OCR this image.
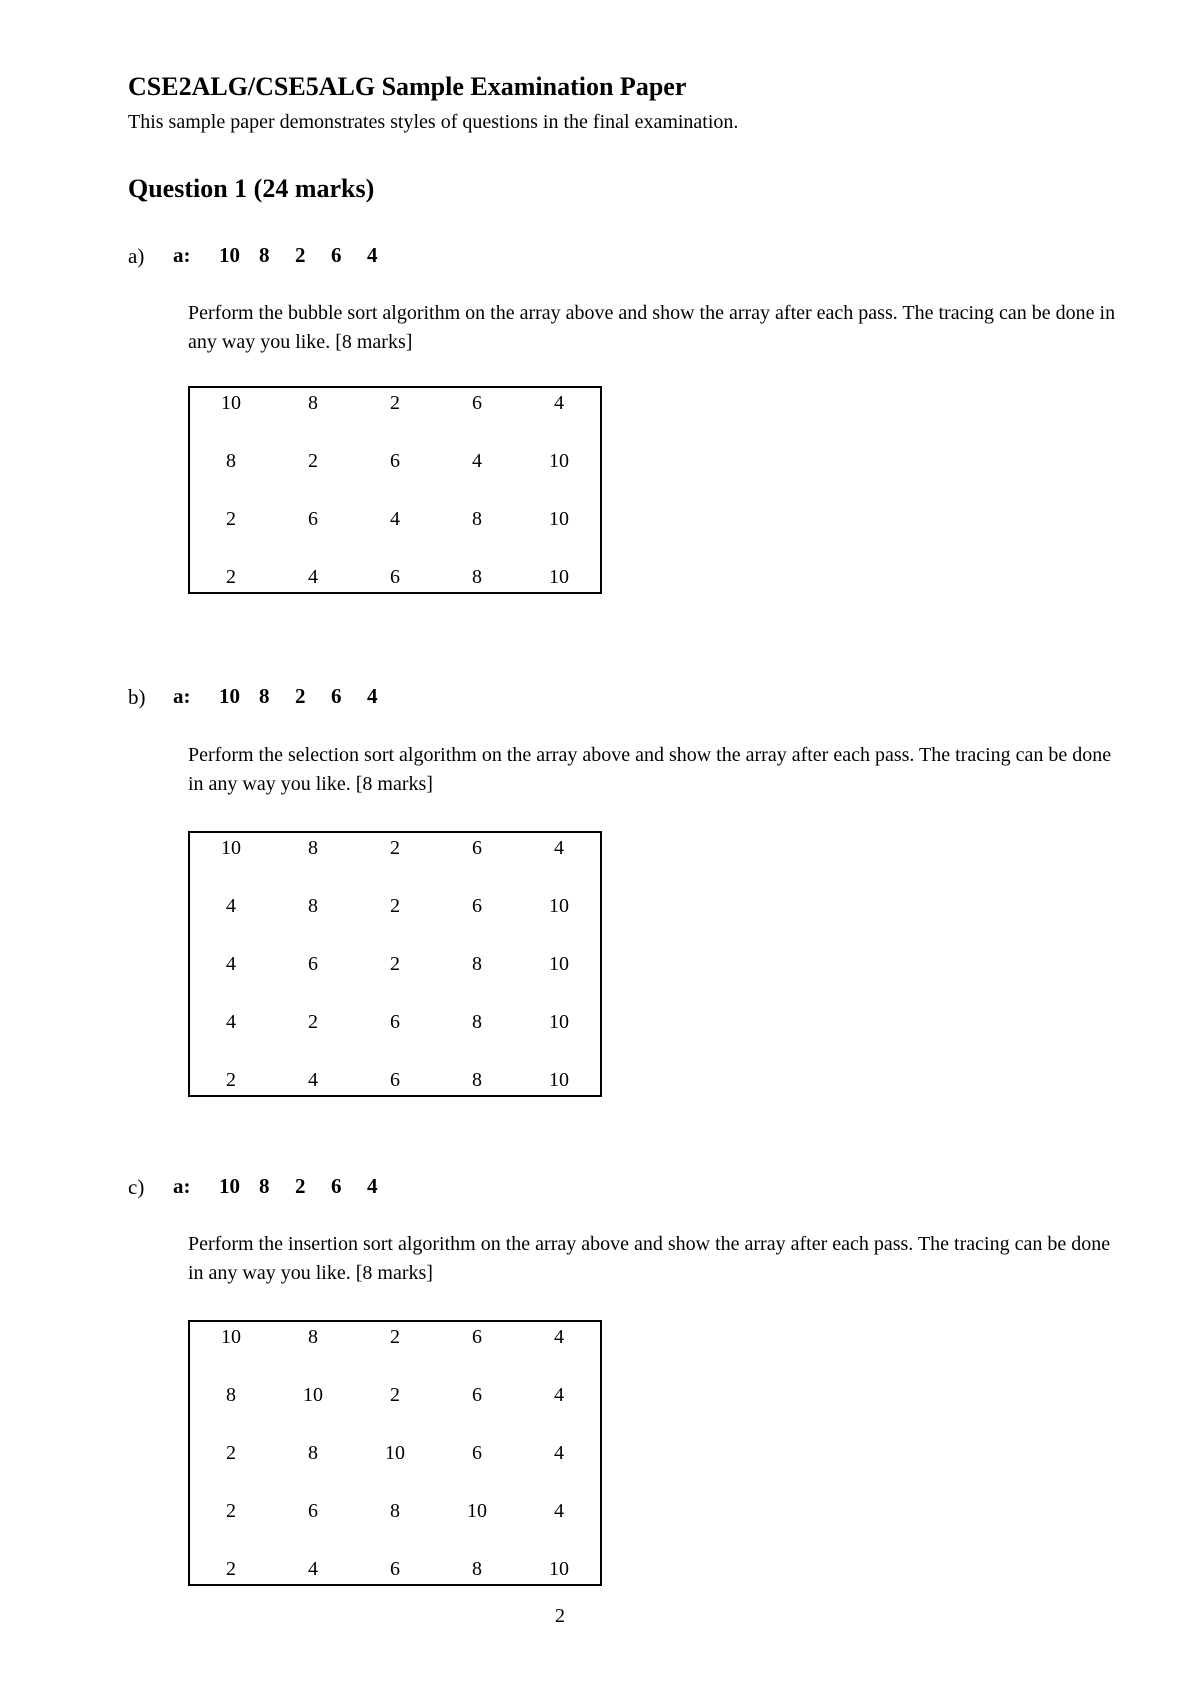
CSE2ALG/CSE5ALG Sample Examination Paper
This sample paper demonstrates styles of questions in the final examination.
Question 1 (24 marks)
a) a: 10 8 2 6 4
Perform the bubble sort algorithm on the array above and show the array after each pass. The tracing can be done in any way you like. [8 marks]
10	8	2	6	4
8	2	6	4	10
2	6	4	8	10
2	4	6	8	10
b) a: 10 8 2 6 4
Perform the selection sort algorithm on the array above and show the array after each pass. The tracing can be done in any way you like. [8 marks]
10	8	2	6	4
4	8	2	6	10
4	6	2	8	10
4	2	6	8	10
2	4	6	8	10
c) a: 10 8 2 6 4
Perform the insertion sort algorithm on the array above and show the array after each pass. The tracing can be done in any way you like. [8 marks]
10	8	2	6	4
8	10	2	6	4
2	8	10	6	4
2	6	8	10	4
2	4	6	8	10
2
